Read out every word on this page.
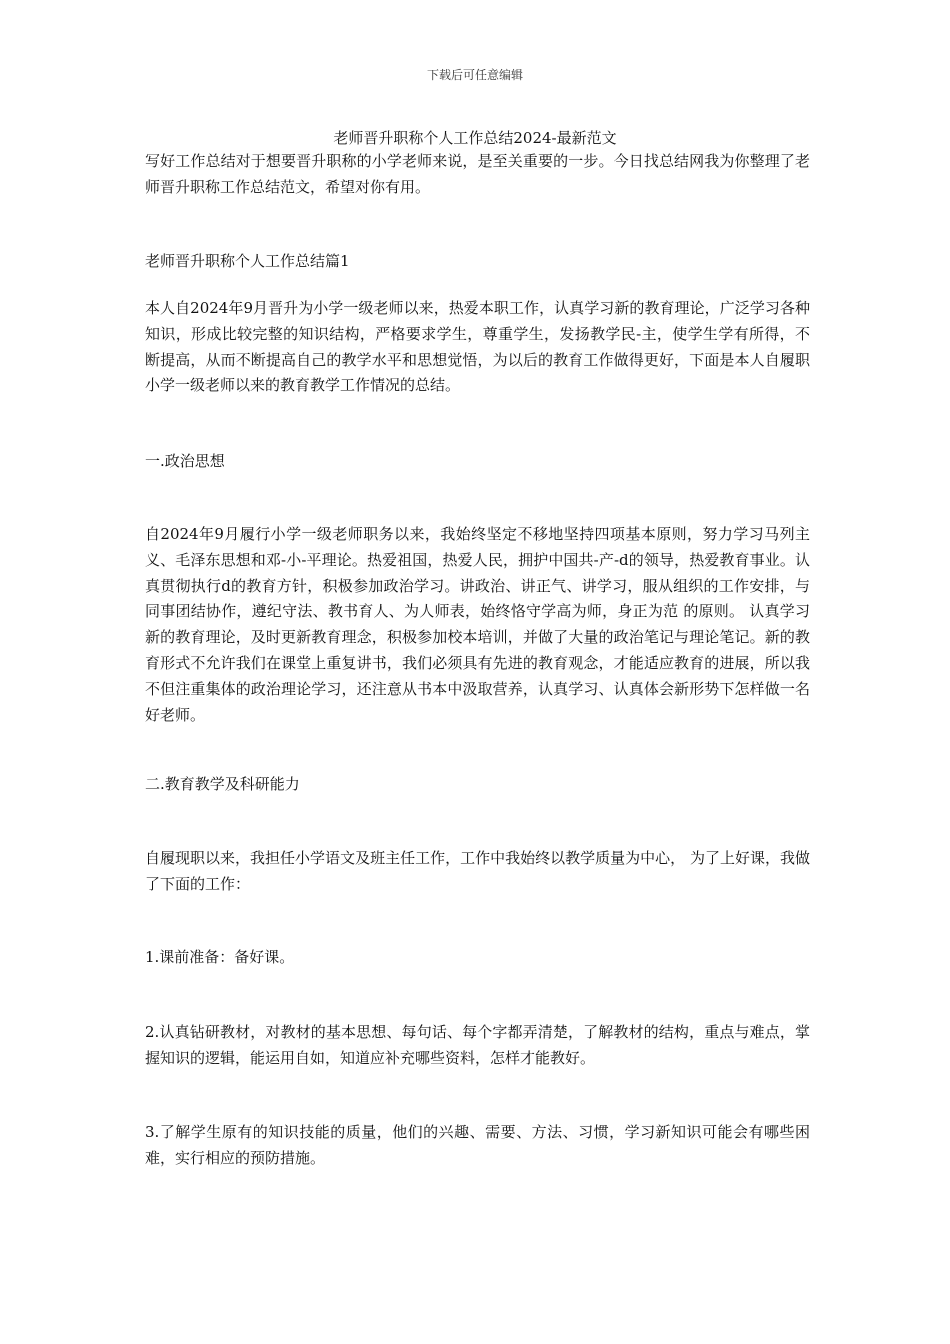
下载后可任意编辑
老师晋升职称个人工作总结2024-最新范文

写好工作总结对于想要晋升职称的小学老师来说，是至关重要的一步。今日找总结网我为你整理了老师晋升职称工作总结范文，希望对你有用。

老师晋升职称个人工作总结篇1

本人自2024年9月晋升为小学一级老师以来，热爱本职工作，认真学习新的教育理论，广泛学习各种知识，形成比较完整的知识结构，严格要求学生，尊重学生，发扬教学民-主，使学生学有所得，不断提高，从而不断提高自己的教学水平和思想觉悟，为以后的教育工作做得更好，下面是本人自履职小学一级老师以来的教育教学工作情况的总结。

一.政治思想

自2024年9月履行小学一级老师职务以来，我始终坚定不移地坚持四项基本原则，努力学习马列主义、毛泽东思想和邓-小-平理论。热爱祖国，热爱人民，拥护中国共-产-d的领导，热爱教育事业。认真贯彻执行d的教育方针，积极参加政治学习。讲政治、讲正气、讲学习，服从组织的工作安排，与同事团结协作，遵纪守法、教书育人、为人师表，始终恪守学高为师，身正为范 的原则。 认真学习新的教育理论，及时更新教育理念，积极参加校本培训，并做了大量的政治笔记与理论笔记。新的教育形式不允许我们在课堂上重复讲书，我们必须具有先进的教育观念，才能适应教育的进展，所以我不但注重集体的政治理论学习，还注意从书本中汲取营养，认真学习、认真体会新形势下怎样做一名好老师。

二.教育教学及科研能力

自履现职以来，我担任小学语文及班主任工作，工作中我始终以教学质量为中心， 为了上好课，我做了下面的工作：

1.课前准备：备好课。

2.认真钻研教材，对教材的基本思想、每句话、每个字都弄清楚，了解教材的结构，重点与难点，掌握知识的逻辑，能运用自如，知道应补充哪些资料，怎样才能教好。

3.了解学生原有的知识技能的质量，他们的兴趣、需要、方法、习惯，学习新知识可能会有哪些困难，实行相应的预防措施。
